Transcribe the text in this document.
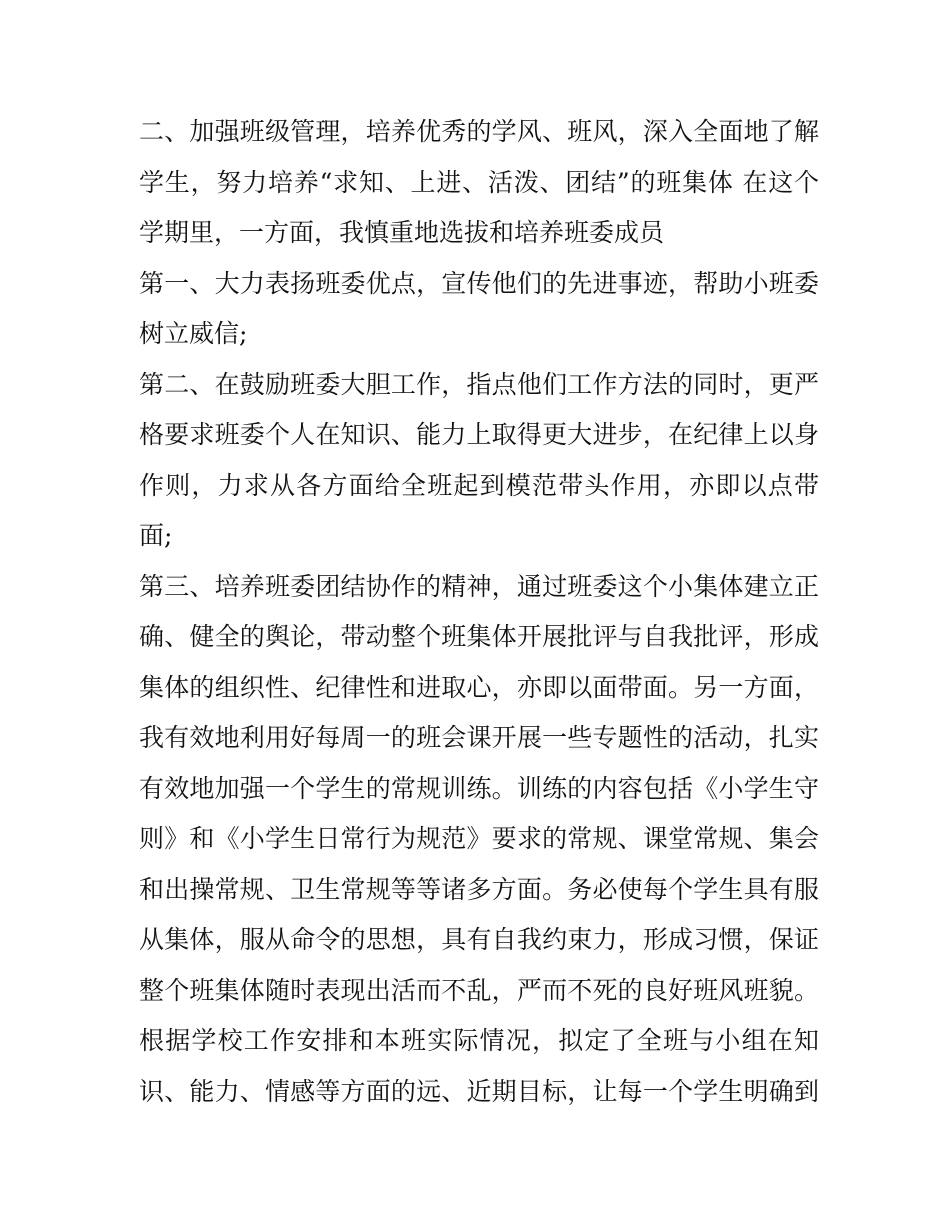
二、加强班级管理，培养优秀的学风、班风，深入全面地了解
学生，努力培养“求知、上进、活泼、团结”的班集体 在这个
学期里，一方面，我慎重地选拔和培养班委成员
第一、大力表扬班委优点，宣传他们的先进事迹，帮助小班委
树立威信;
第二、在鼓励班委大胆工作，指点他们工作方法的同时，更严
格要求班委个人在知识、能力上取得更大进步，在纪律上以身
作则，力求从各方面给全班起到模范带头作用，亦即以点带
面;
第三、培养班委团结协作的精神，通过班委这个小集体建立正
确、健全的舆论，带动整个班集体开展批评与自我批评，形成
集体的组织性、纪律性和进取心，亦即以面带面。另一方面，
我有效地利用好每周一的班会课开展一些专题性的活动，扎实
有效地加强一个学生的常规训练。训练的内容包括《小学生守
则》和《小学生日常行为规范》要求的常规、课堂常规、集会
和出操常规、卫生常规等等诸多方面。务必使每个学生具有服
从集体，服从命令的思想，具有自我约束力，形成习惯，保证
整个班集体随时表现出活而不乱，严而不死的良好班风班貌。
根据学校工作安排和本班实际情况，拟定了全班与小组在知
识、能力、情感等方面的远、近期目标，让每一个学生明确到
